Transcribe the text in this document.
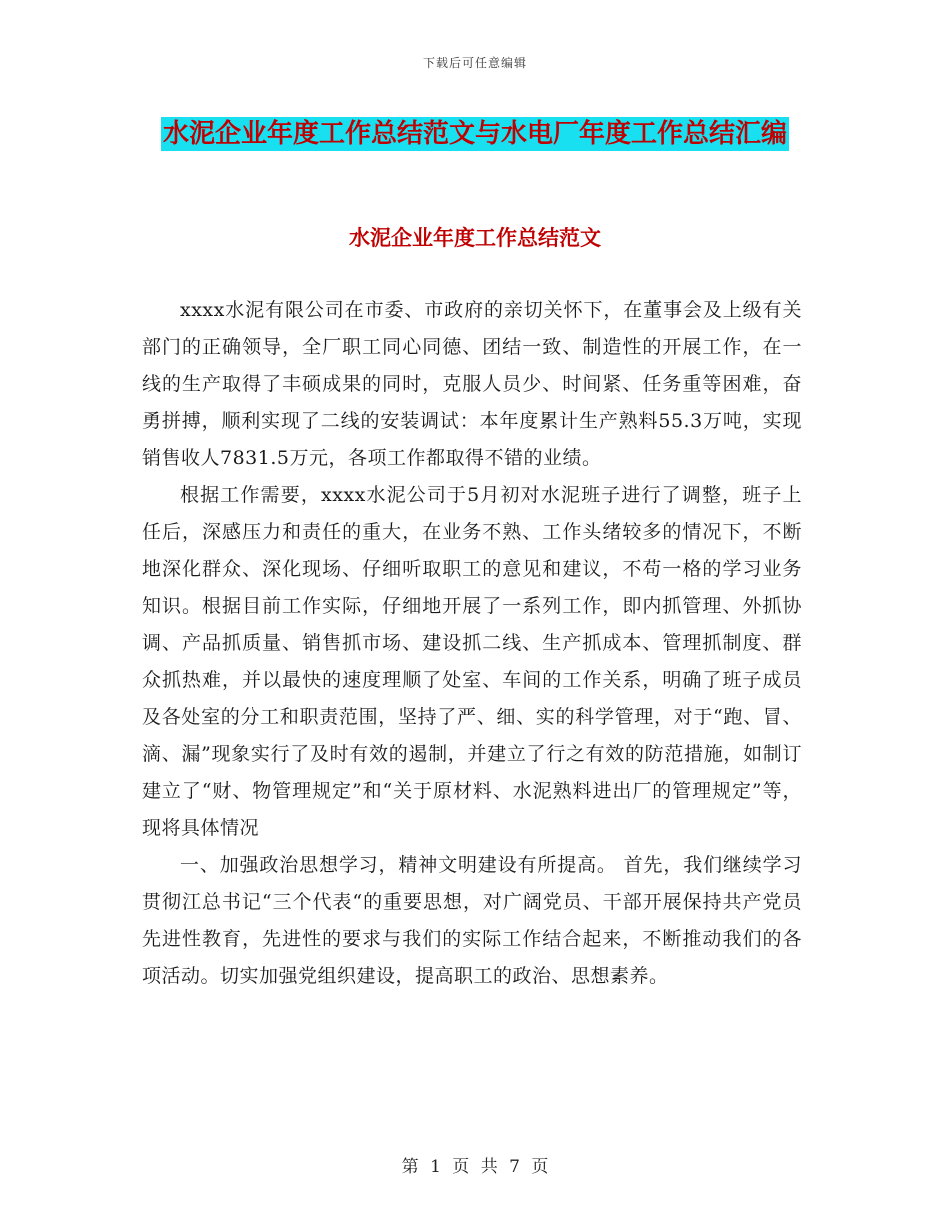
下载后可任意编辑
水泥企业年度工作总结范文与水电厂年度工作总结汇编
水泥企业年度工作总结范文

xxxx水泥有限公司在市委、市政府的亲切关怀下，在董事会及上级有关部门的正确领导，全厂职工同心同德、团结一致、制造性的开展工作，在一线的生产取得了丰硕成果的同时，克服人员少、时间紧、任务重等困难，奋勇拼搏，顺利实现了二线的安装调试：本年度累计生产熟料55.3万吨，实现销售收人7831.5万元，各项工作都取得不错的业绩。

根据工作需要，xxxx水泥公司于5月初对水泥班子进行了调整，班子上任后，深感压力和责任的重大，在业务不熟、工作头绪较多的情况下，不断地深化群众、深化现场、仔细听取职工的意见和建议，不苟一格的学习业务知识。根据目前工作实际，仔细地开展了一系列工作，即内抓管理、外抓协调、产品抓质量、销售抓市场、建设抓二线、生产抓成本、管理抓制度、群众抓热难，并以最快的速度理顺了处室、车间的工作关系，明确了班子成员及各处室的分工和职责范围，坚持了严、细、实的科学管理，对于“跑、冒、滴、漏”现象实行了及时有效的遏制，并建立了行之有效的防范措施，如制订建立了“财、物管理规定”和“关于原材料、水泥熟料进出厂的管理规定”等，现将具体情况

一、加强政治思想学习，精神文明建设有所提高。 首先，我们继续学习贯彻江总书记“三个代表“的重要思想，对广阔党员、干部开展保持共产党员先进性教育，先进性的要求与我们的实际工作结合起来，不断推动我们的各项活动。切实加强党组织建设，提高职工的政治、思想素养。

第 1 页 共 7 页
